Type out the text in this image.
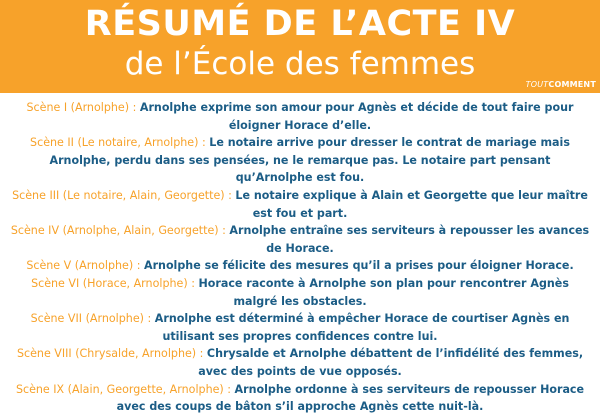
RÉSUMÉ DE L’ACTE IV
de l’École des femmes
TOUTCOMMENT

Scène I (Arnolphe) : Arnolphe exprime son amour pour Agnès et décide de tout faire pour éloigner Horace d’elle.

Scène II (Le notaire, Arnolphe) : Le notaire arrive pour dresser le contrat de mariage mais Arnolphe, perdu dans ses pensées, ne le remarque pas. Le notaire part pensant qu’Arnolphe est fou.

Scène III (Le notaire, Alain, Georgette) : Le notaire explique à Alain et Georgette que leur maître est fou et part.

Scène IV (Arnolphe, Alain, Georgette) : Arnolphe entraîne ses serviteurs à repousser les avances de Horace.

Scène V (Arnolphe) : Arnolphe se félicite des mesures qu’il a prises pour éloigner Horace.

Scène VI (Horace, Arnolphe) : Horace raconte à Arnolphe son plan pour rencontrer Agnès malgré les obstacles.

Scène VII (Arnolphe) : Arnolphe est déterminé à empêcher Horace de courtiser Agnès en utilisant ses propres confidences contre lui.

Scène VIII (Chrysalde, Arnolphe) : Chrysalde et Arnolphe débattent de l’infidélité des femmes, avec des points de vue opposés.

Scène IX (Alain, Georgette, Arnolphe) : Arnolphe ordonne à ses serviteurs de repousser Horace avec des coups de bâton s’il approche Agnès cette nuit-là.
